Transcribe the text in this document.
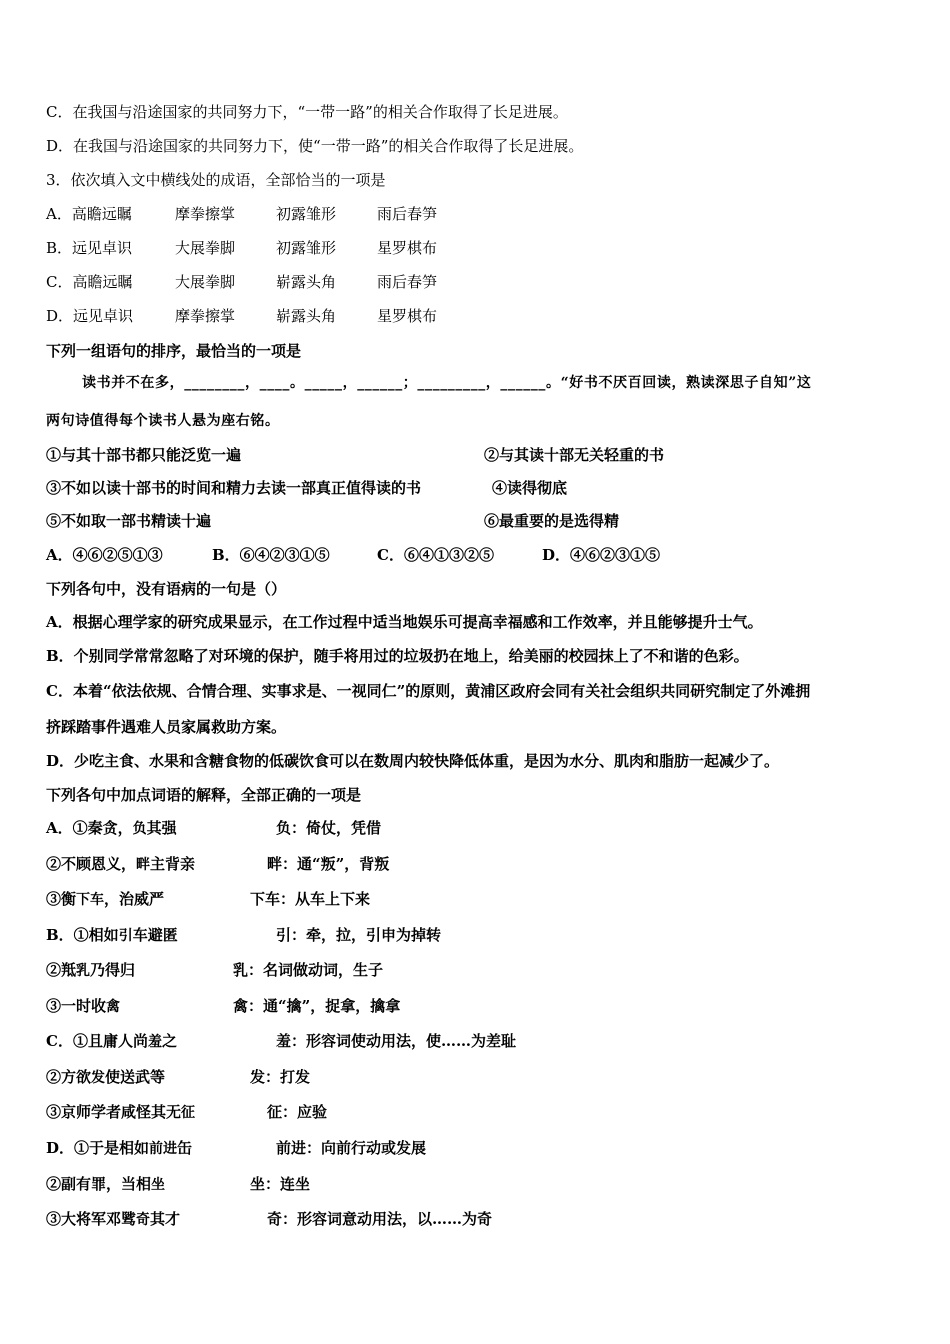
C．在我国与沿途国家的共同努力下，“一带一路”的相关合作取得了长足进展。
D．在我国与沿途国家的共同努力下，使“一带一路”的相关合作取得了长足进展。
3．依次填入文中横线处的成语，全部恰当的一项是
A．高瞻远瞩	摩拳擦掌	初露雏形	雨后春笋
B．远见卓识	大展拳脚	初露雏形	星罗棋布
C．高瞻远瞩	大展拳脚	崭露头角	雨后春笋
D．远见卓识	摩拳擦掌	崭露头角	星罗棋布
下列一组语句的排序，最恰当的一项是
读书并不在多，________，____。_____，______；_________，______。“好书不厌百回读，熟读深思子自知”这
两句诗值得每个读书人悬为座右铭。
①与其十部书都只能泛览一遍	②与其读十部无关轻重的书
③不如以读十部书的时间和精力去读一部真正值得读的书	④读得彻底
⑤不如取一部书精读十遍	⑥最重要的是选得精
A．④⑥②⑤①③	B．⑥④②③①⑤	C．⑥④①③②⑤	D．④⑥②③①⑤
下列各句中，没有语病的一句是（）
A．根据心理学家的研究成果显示，在工作过程中适当地娱乐可提高幸福感和工作效率，并且能够提升士气。
B．个别同学常常忽略了对环境的保护，随手将用过的垃圾扔在地上，给美丽的校园抹上了不和谐的色彩。
C．本着“依法依规、合情合理、实事求是、一视同仁”的原则，黄浦区政府会同有关社会组织共同研究制定了外滩拥
挤踩踏事件遇难人员家属救助方案。
D．少吃主食、水果和含糖食物的低碳饮食可以在数周内较快降低体重，是因为水分、肌肉和脂肪一起减少了。
下列各句中加点词语的解释，全部正确的一项是
A．①秦贪，负其强	负：倚仗，凭借
②不顾恩义，畔主背亲	畔：通“叛”，背叛
③衡下车，治威严	下车：从车上下来
B．①相如引车避匿	引：牵，拉，引申为掉转
②羝乳乃得归	乳：名词做动词，生子
③一时收禽	禽：通“擒”，捉拿，擒拿
C．①且庸人尚羞之	羞：形容词使动用法，使……为差耻
②方欲发使送武等	发：打发
③京师学者咸怪其无征	征：应验
D．①于是相如前进缶	前进：向前行动或发展
②副有罪，当相坐	坐：连坐
③大将军邓骘奇其才	奇：形容词意动用法，以……为奇
